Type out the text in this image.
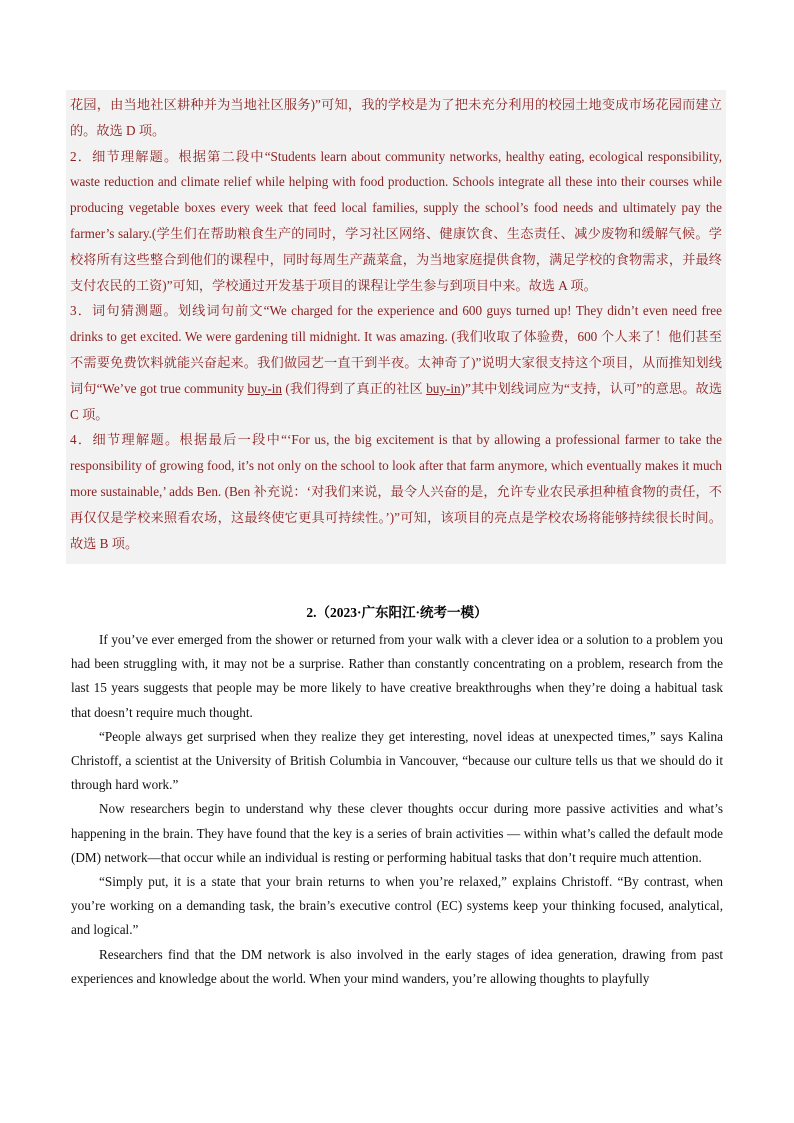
花园，由当地社区耕种并为当地社区服务)”可知，我的学校是为了把未充分利用的校园土地变成市场花园而建立的。故选 D 项。

2．细节理解题。根据第二段中“Students learn about community networks, healthy eating, ecological responsibility, waste reduction and climate relief while helping with food production. Schools integrate all these into their courses while producing vegetable boxes every week that feed local families, supply the school’s food needs and ultimately pay the farmer’s salary.(学生们在帮助粮食生产的同时，学习社区网络、健康饮食、生态责任、减少废物和缓解气候。学校将所有这些整合到他们的课程中，同时每周生产蔬菜盒，为当地家庭提供食物，满足学校的食物需求，并最终支付农民的工资)”可知，学校通过开发基于项目的课程让学生参与到项目中来。故选 A 项。

3．词句猜测题。划线词句前文“We charged for the experience and 600 guys turned up! They didn’t even need free drinks to get excited. We were gardening till midnight. It was amazing. (我们收取了体验费，600 个人来了！他们甚至不需要免费饮料就能兴奋起来。我们做园艺一直干到半夜。太神奇了)”说明大家很支持这个项目，从而推知划线词句“We’ve got true community buy-in (我们得到了真正的社区 buy-in)”其中划线词应为“支持，认可”的意思。故选 C 项。

4．细节理解题。根据最后一段中“‘For us, the big excitement is that by allowing a professional farmer to take the responsibility of growing food, it’s not only on the school to look after that farm anymore, which eventually makes it much more sustainable,’ adds Ben. (Ben 补充说：‘对我们来说，最令人兴奋的是，允许专业农民承担种植食物的责任，不再仅仅是学校来照看农场，这最终使它更具可持续性。’)”可知，该项目的亮点是学校农场将能够持续很长时间。故选 B 项。

2.（2023·广东阳江·统考一模）

If you’ve ever emerged from the shower or returned from your walk with a clever idea or a solution to a problem you had been struggling with, it may not be a surprise. Rather than constantly concentrating on a problem, research from the last 15 years suggests that people may be more likely to have creative breakthroughs when they’re doing a habitual task that doesn’t require much thought.

“People always get surprised when they realize they get interesting, novel ideas at unexpected times,” says Kalina Christoff, a scientist at the University of British Columbia in Vancouver, “because our culture tells us that we should do it through hard work.”

Now researchers begin to understand why these clever thoughts occur during more passive activities and what’s happening in the brain. They have found that the key is a series of brain activities — within what’s called the default mode (DM) network—that occur while an individual is resting or performing habitual tasks that don’t require much attention.

“Simply put, it is a state that your brain returns to when you’re relaxed,” explains Christoff. “By contrast, when you’re working on a demanding task, the brain’s executive control (EC) systems keep your thinking focused, analytical, and logical.”

Researchers find that the DM network is also involved in the early stages of idea generation, drawing from past experiences and knowledge about the world. When your mind wanders, you’re allowing thoughts to playfully
